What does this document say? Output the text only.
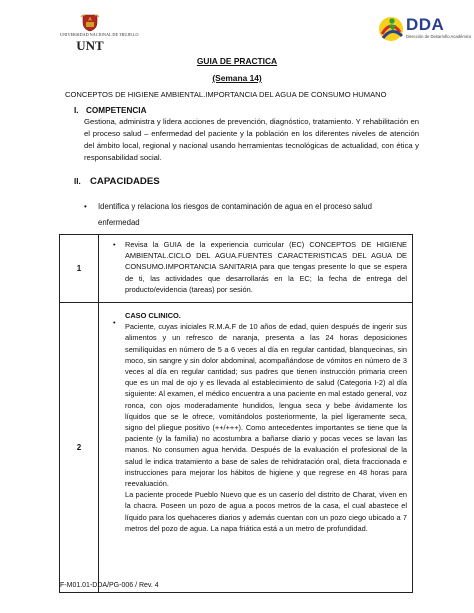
UNIVERSIDAD NACIONAL DE TRUJILLO
UNT
DDA
Dirección de Desarrollo Académico
GUIA DE PRACTICA
(Semana 14)
CONCEPTOS DE HIGIENE AMBIENTAL.IMPORTANCIA DEL AGUA DE CONSUMO HUMANO
I. COMPETENCIA
Gestiona, administra y lidera acciones de prevención, diagnóstico, tratamiento. Y rehabilitación en el proceso salud – enfermedad del paciente y la población en los diferentes niveles de atención del ámbito local, regional y nacional usando herramientas tecnológicas de actualidad, con ética y responsabilidad social.
II. CAPACIDADES
•	Identifica y relaciona los riesgos de contaminación de agua en el proceso salud enfermedad
1	• Revisa la GUIA de la experiencia curricular (EC) CONCEPTOS DE HIGIENE AMBIENTAL.CICLO DEL AGUA.FUENTES CARACTERISTICAS DEL AGUA DE CONSUMO.IMPORTANCIA SANITARIA para que tengas presente lo que se espera de ti, las actividades que desarrollarás en la EC; la fecha de entrega del producto/evidencia (tareas) por sesión.

2	•
CASO CLINICO.
Paciente, cuyas iniciales R.M.A.F de 10 años de edad, quien después de ingerir sus alimentos y un refresco de naranja, presenta a las 24 horas deposiciones semilíquidas en número de 5 a 6 veces al día en regular cantidad, blanquecinas, sin moco, sin sangre y sin dolor abdominal, acompañándose de vómitos en número de 3 veces al día en regular cantidad; sus padres que tienen instrucción primaria creen que es un mal de ojo y es llevada al establecimiento de salud (Categoria I-2) al día siguiente: Al examen, el médico encuentra a una paciente en mal estado general, voz ronca, con ojos moderadamente hundidos, lengua seca y bebe ávidamente los líquidos que se le ofrece, vomitándolos posteriormente, la piel ligeramente seca, signo del pliegue positivo (++/+++). Como antecedentes importantes se tiene que la paciente (y la familia) no acostumbra a bañarse diario y pocas veces se lavan las manos. No consumen agua hervida. Después de la evaluación el profesional de la salud le indica tratamiento a base de sales de rehidratación oral, dieta fraccionada e instrucciones para mejorar los hábitos de higiene y que regrese en 48 horas para reevaluación.
La paciente procede Pueblo Nuevo que es un caserío del distrito de Charat, viven en la chacra. Poseen un pozo de agua a pocos metros de la casa, el cual abastece el líquido para los quehaceres diarios y además cuentan con un pozo ciego ubicado a 7 metros del pozo de agua. La napa friática está a un metro de profundidad.
F-M01.01-DDA/PG-006 / Rev. 4
